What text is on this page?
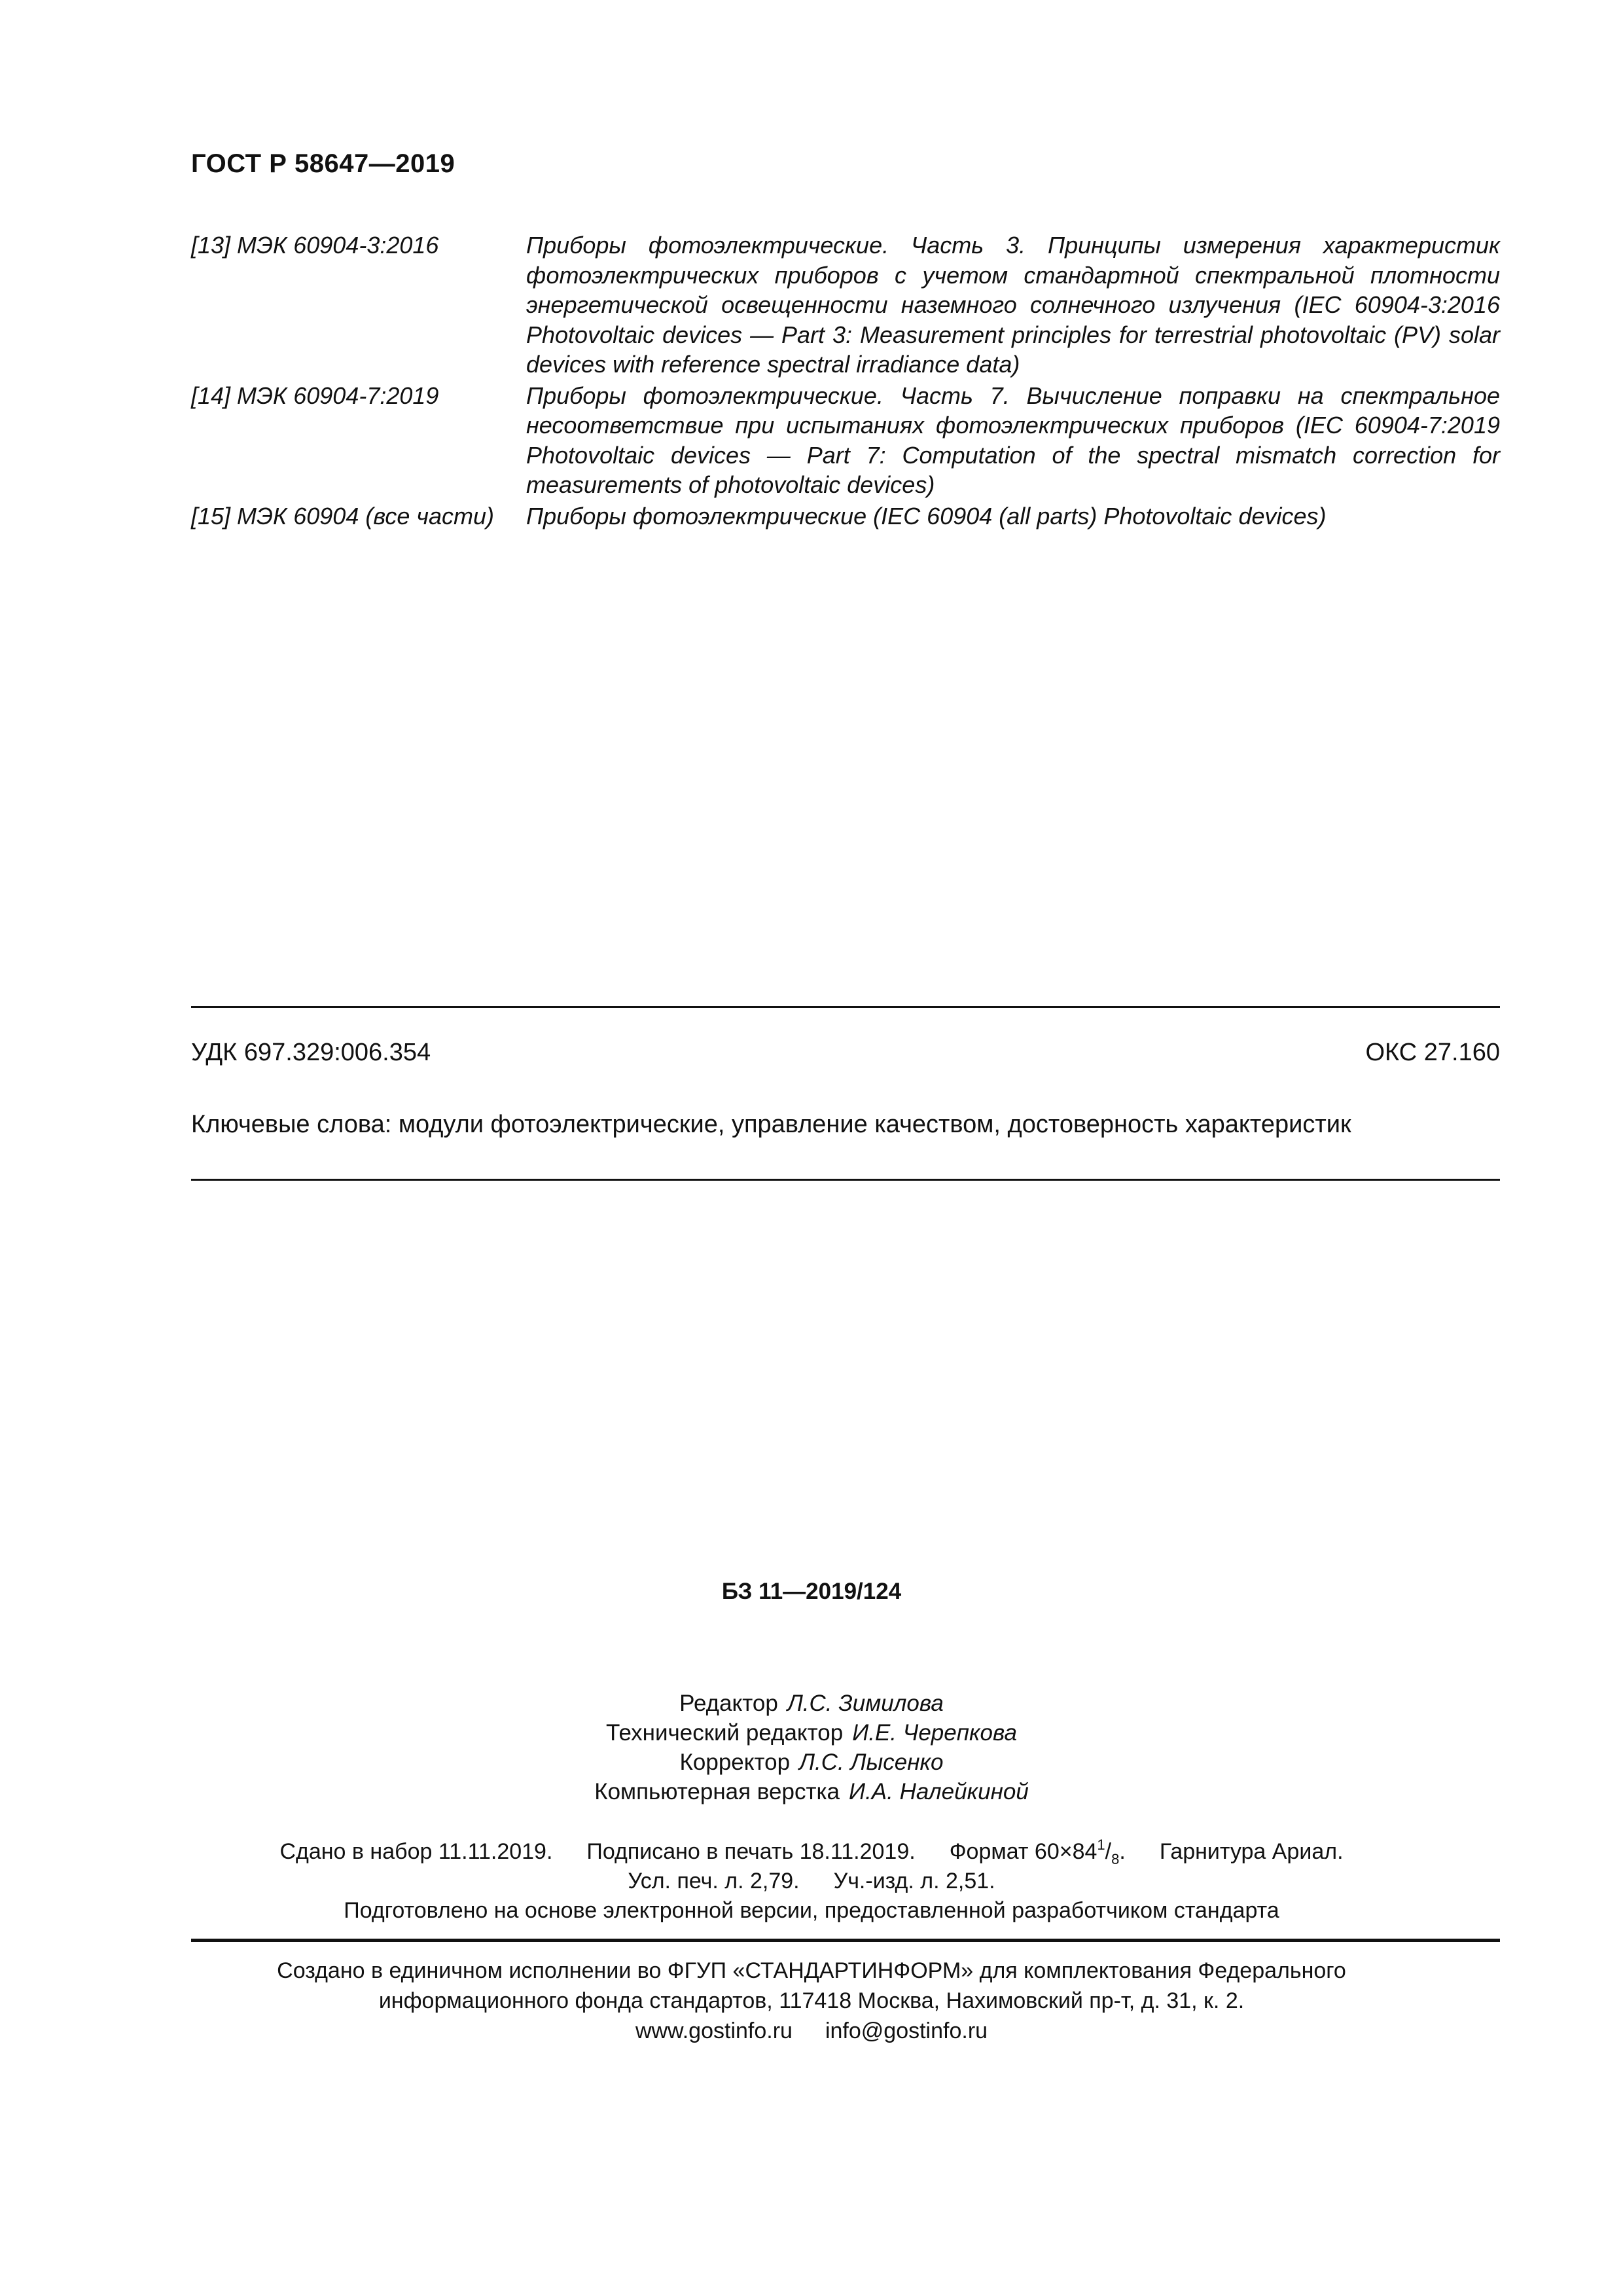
ГОСТ Р 58647—2019
[13] МЭК 60904-3:2016	Приборы фотоэлектрические. Часть 3. Принципы измерения характеристик фотоэлектрических приборов с учетом стандартной спектральной плотности энергетической освещенности наземного солнечного излучения (IEC 60904-3:2016 Photovoltaic devices — Part 3: Measurement principles for terrestrial photovoltaic (PV) solar devices with reference spectral irradiance data)
[14] МЭК 60904-7:2019	Приборы фотоэлектрические. Часть 7. Вычисление поправки на спектральное несоответствие при испытаниях фотоэлектрических приборов (IEC 60904-7:2019 Photovoltaic devices — Part 7: Computation of the spectral mismatch correction for measurements of photovoltaic devices)
[15] МЭК 60904 (все части)	Приборы фотоэлектрические (IEC 60904 (all parts) Photovoltaic devices)
УДК 697.329:006.354	ОКС 27.160
Ключевые слова: модули фотоэлектрические, управление качеством, достоверность характеристик
БЗ 11—2019/124
Редактор Л.С. Зимилова
Технический редактор И.Е. Черепкова
Корректор Л.С. Лысенко
Компьютерная верстка И.А. Налейкиной
Сдано в набор 11.11.2019. Подписано в печать 18.11.2019. Формат $60\times 84^1/_8$. Гарнитура Ариал.
Усл. печ. л. 2,79. Уч.-изд. л. 2,51.
Подготовлено на основе электронной версии, предоставленной разработчиком стандарта
Создано в единичном исполнении во ФГУП «СТАНДАРТИНФОРМ» для комплектования Федерального
информационного фонда стандартов, 117418 Москва, Нахимовский пр-т, д. 31, к. 2.
www.gostinfo.ru info@gostinfo.ru
